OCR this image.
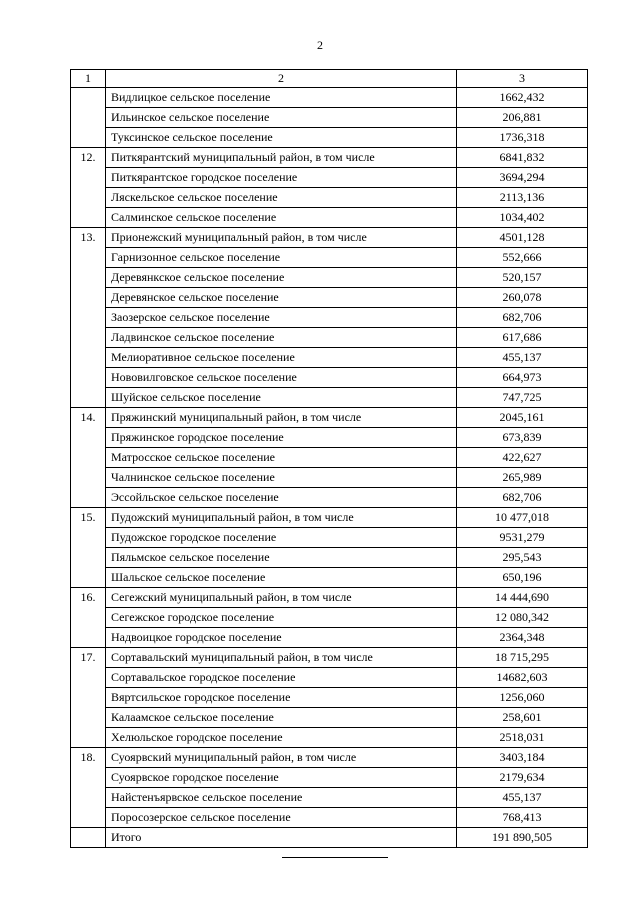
2
1	2	3
	Видлицкое сельское поселение	1662,432
	Ильинское сельское поселение	206,881
	Туксинское сельское поселение	1736,318
12.	Питкярантский муниципальный район, в том числе	6841,832
	Питкярантское городское поселение	3694,294
	Ляскельское сельское поселение	2113,136
	Салминское сельское поселение	1034,402
13.	Прионежский муниципальный район, в том числе	4501,128
	Гарнизонное сельское поселение	552,666
	Деревянкское сельское поселение	520,157
	Деревянское сельское поселение	260,078
	Заозерское сельское поселение	682,706
	Ладвинское сельское поселение	617,686
	Мелиоративное сельское поселение	455,137
	Нововилговское сельское поселение	664,973
	Шуйское сельское поселение	747,725
14.	Пряжинский муниципальный район, в том числе	2045,161
	Пряжинское городское поселение	673,839
	Матросское сельское поселение	422,627
	Чалнинское сельское поселение	265,989
	Эссойльское сельское поселение	682,706
15.	Пудожский муниципальный район, в том числе	10 477,018
	Пудожское городское поселение	9531,279
	Пяльмское сельское поселение	295,543
	Шальское сельское поселение	650,196
16.	Сегежский муниципальный район, в том числе	14 444,690
	Сегежское городское поселение	12 080,342
	Надвоицкое городское поселение	2364,348
17.	Сортавальский муниципальный район, в том числе	18 715,295
	Сортавальское городское поселение	14682,603
	Вяртсильское городское поселение	1256,060
	Калаамское сельское поселение	258,601
	Хелюльское городское поселение	2518,031
18.	Суоярвский муниципальный район, в том числе	3403,184
	Суоярвское городское поселение	2179,634
	Найстенъярвское сельское поселение	455,137
	Поросозерское сельское поселение	768,413
	Итого	191 890,505
